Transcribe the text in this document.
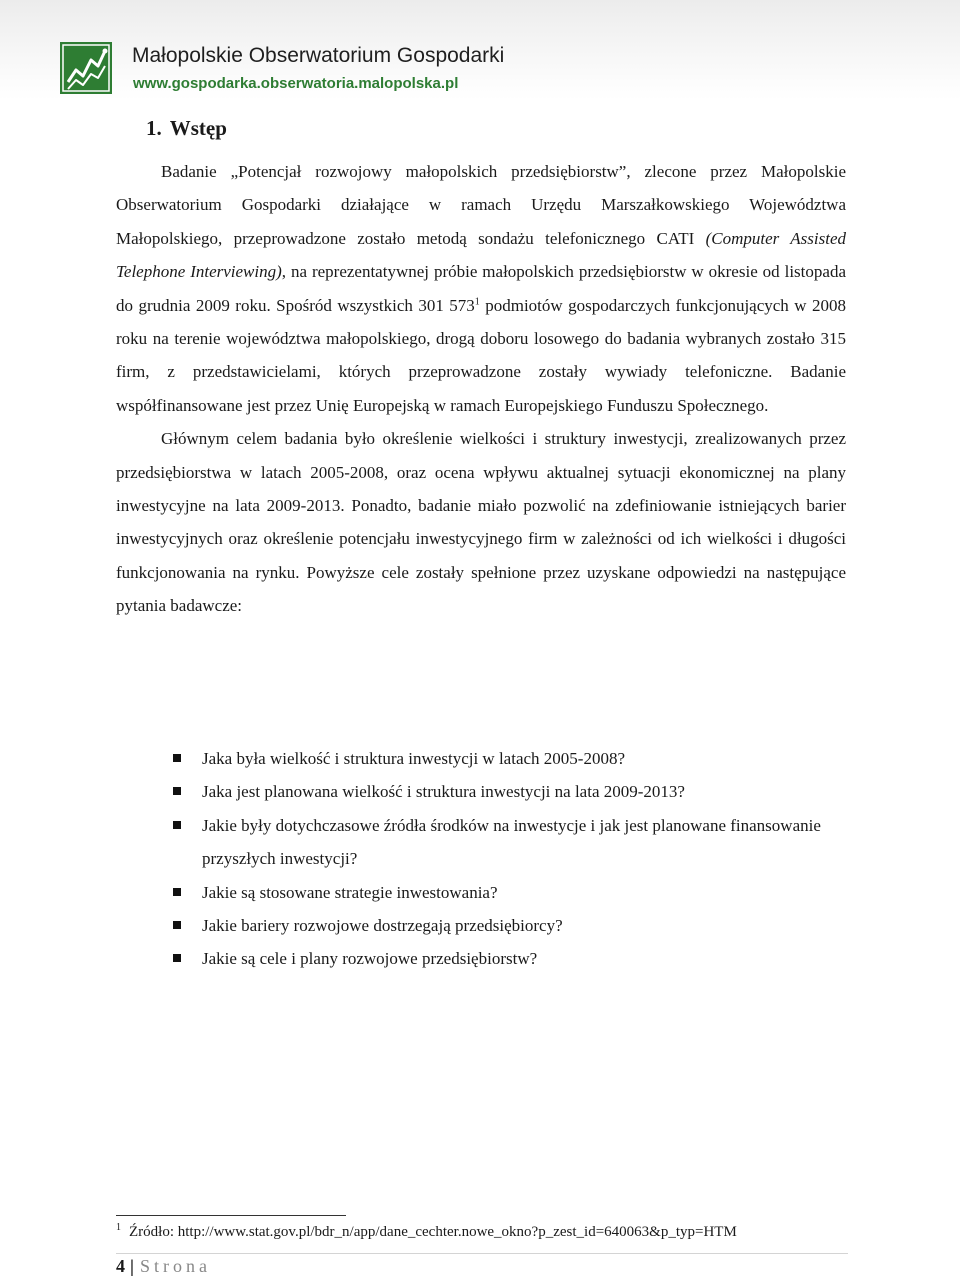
Małopolskie Obserwatorium Gospodarki
www.gospodarka.obserwatoria.malopolska.pl
1. Wstęp

Badanie „Potencjał rozwojowy małopolskich przedsiębiorstw”, zlecone przez Małopolskie Obserwatorium Gospodarki działające w ramach Urzędu Marszałkowskiego Województwa Małopolskiego, przeprowadzone zostało metodą sondażu telefonicznego CATI (Computer Assisted Telephone Interviewing), na reprezentatywnej próbie małopolskich przedsiębiorstw w okresie od listopada do grudnia 2009 roku. Spośród wszystkich 301 $573^1$ podmiotów gospodarczych funkcjonujących w 2008 roku na terenie województwa małopolskiego, drogą doboru losowego do badania wybranych zostało 315 firm, z przedstawicielami, których przeprowadzone zostały wywiady telefoniczne. Badanie współfinansowane jest przez Unię Europejską w ramach Europejskiego Funduszu Społecznego.

Głównym celem badania było określenie wielkości i struktury inwestycji, zrealizowanych przez przedsiębiorstwa w latach 2005-2008, oraz ocena wpływu aktualnej sytuacji ekonomicznej na plany inwestycyjne na lata 2009-2013. Ponadto, badanie miało pozwolić na zdefiniowanie istniejących barier inwestycyjnych oraz określenie potencjału inwestycyjnego firm w zależności od ich wielkości i długości funkcjonowania na rynku. Powyższe cele zostały spełnione przez uzyskane odpowiedzi na następujące pytania badawcze:

Jaka była wielkość i struktura inwestycji w latach 2005-2008?
Jaka jest planowana wielkość i struktura inwestycji na lata 2009-2013?
Jakie były dotychczasowe źródła środków na inwestycje i jak jest planowane finansowanie przyszłych inwestycji?
Jakie są stosowane strategie inwestowania?
Jakie bariery rozwojowe dostrzegają przedsiębiorcy?
Jakie są cele i plany rozwojowe przedsiębiorstw?
$^1$ Źródło: http://www.stat.gov.pl/bdr_n/app/dane_cechter.nowe_okno?p_zest_id=640063&p_typ=HTM
4 | Strona
